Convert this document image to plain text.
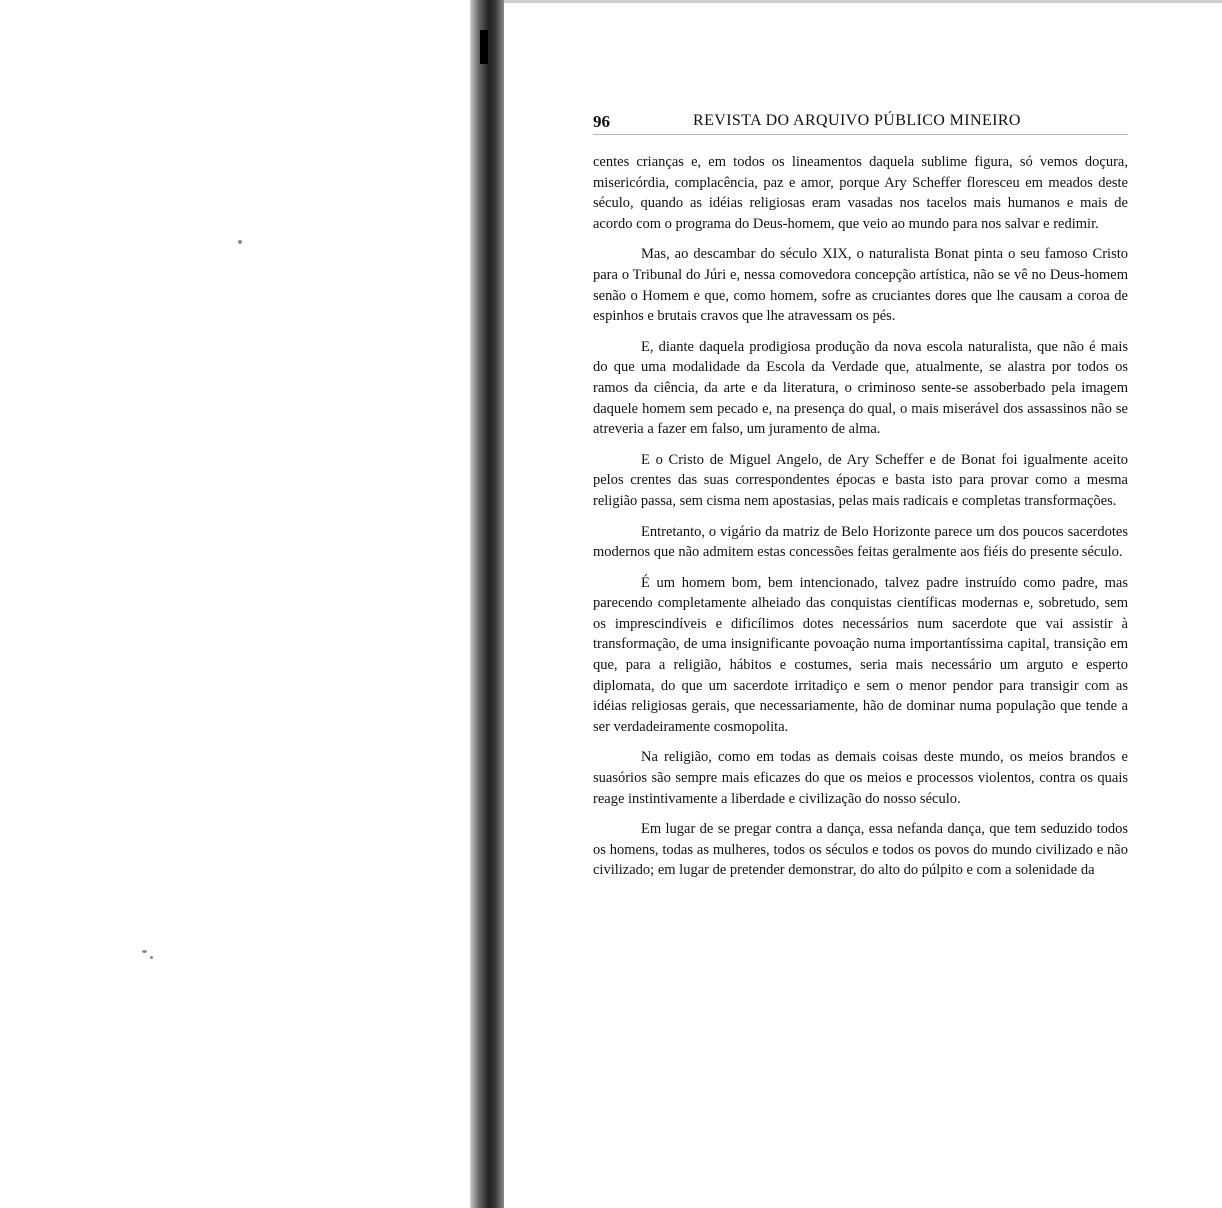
96	REVISTA DO ARQUIVO PÚBLICO MINEIRO

centes crianças e, em todos os lineamentos daquela sublime figura, só vemos doçura, misericórdia, complacência, paz e amor, porque Ary Scheffer floresceu em meados deste século, quando as idéias religiosas eram vasadas nos tacelos mais humanos e mais de acordo com o programa do Deus-homem, que veio ao mundo para nos salvar e redimir.

Mas, ao descambar do século XIX, o naturalista Bonat pinta o seu famoso Cristo para o Tribunal do Júri e, nessa comovedora concepção artística, não se vê no Deus-homem senão o Homem e que, como homem, sofre as cruciantes dores que lhe causam a coroa de espinhos e brutais cravos que lhe atravessam os pés.

E, diante daquela prodigiosa produção da nova escola naturalista, que não é mais do que uma modalidade da Escola da Verdade que, atualmente, se alastra por todos os ramos da ciência, da arte e da literatura, o criminoso sente-se assoberbado pela imagem daquele homem sem pecado e, na presença do qual, o mais miserável dos assassinos não se atreveria a fazer em falso, um juramento de alma.

E o Cristo de Miguel Angelo, de Ary Scheffer e de Bonat foi igualmente aceito pelos crentes das suas correspondentes épocas e basta isto para provar como a mesma religião passa, sem cisma nem apostasias, pelas mais radicais e completas transformações.

Entretanto, o vigário da matriz de Belo Horizonte parece um dos poucos sacerdotes modernos que não admitem estas concessões feitas geralmente aos fiéis do presente século.

É um homem bom, bem intencionado, talvez padre instruído como padre, mas parecendo completamente alheiado das conquistas científicas modernas e, sobretudo, sem os imprescindíveis e dificílimos dotes necessários num sacerdote que vai assistir à transformação, de uma insignificante povoação numa importantíssima capital, transição em que, para a religião, hábitos e costumes, seria mais necessário um arguto e esperto diplomata, do que um sacerdote irritadiço e sem o menor pendor para transigir com as idéias religiosas gerais, que necessariamente, hão de dominar numa população que tende a ser verdadeiramente cosmopolita.

Na religião, como em todas as demais coisas deste mundo, os meios brandos e suasórios são sempre mais eficazes do que os meios e processos violentos, contra os quais reage instintivamente a liberdade e civilização do nosso século.

Em lugar de se pregar contra a dança, essa nefanda dança, que tem seduzido todos os homens, todas as mulheres, todos os séculos e todos os povos do mundo civilizado e não civilizado; em lugar de pretender demonstrar, do alto do púlpito e com a solenidade da
